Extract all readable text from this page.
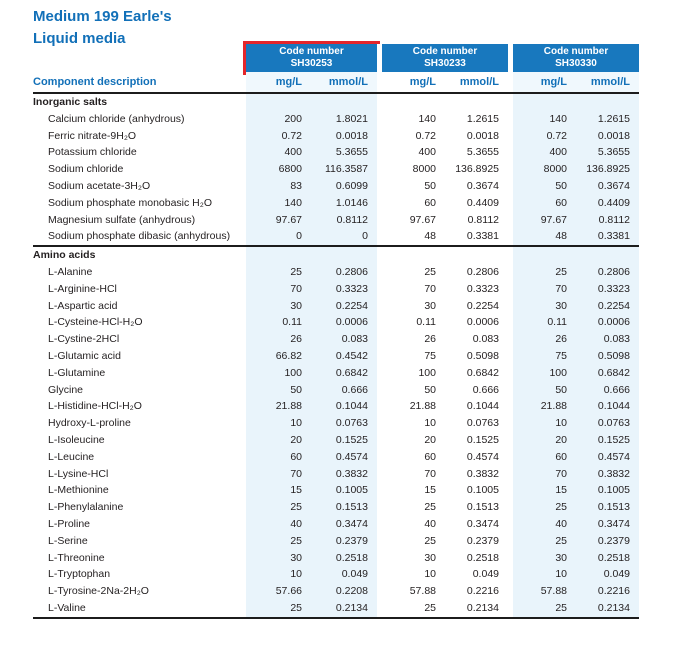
Medium 199 Earle's
Liquid media
Code number
SH30253
Code number
SH30233
Code number
SH30330
Component description	mg/L	mmol/L	mg/L	mmol/L	mg/L	mmol/L
Inorganic salts
Calcium chloride (anhydrous)	200	1.8021	140	1.2615	140	1.2615
Ferric nitrate-9H₂O	0.72	0.0018	0.72	0.0018	0.72	0.0018
Potassium chloride	400	5.3655	400	5.3655	400	5.3655
Sodium chloride	6800	116.3587	8000	136.8925	8000	136.8925
Sodium acetate-3H₂O	83	0.6099	50	0.3674	50	0.3674
Sodium phosphate monobasic H₂O	140	1.0146	60	0.4409	60	0.4409
Magnesium sulfate (anhydrous)	97.67	0.8112	97.67	0.8112	97.67	0.8112
Sodium phosphate dibasic (anhydrous)	0	0	48	0.3381	48	0.3381
Amino acids
L-Alanine	25	0.2806	25	0.2806	25	0.2806
L-Arginine-HCl	70	0.3323	70	0.3323	70	0.3323
L-Aspartic acid	30	0.2254	30	0.2254	30	0.2254
L-Cysteine-HCl-H₂O	0.11	0.0006	0.11	0.0006	0.11	0.0006
L-Cystine-2HCl	26	0.083	26	0.083	26	0.083
L-Glutamic acid	66.82	0.4542	75	0.5098	75	0.5098
L-Glutamine	100	0.6842	100	0.6842	100	0.6842
Glycine	50	0.666	50	0.666	50	0.666
L-Histidine-HCl-H₂O	21.88	0.1044	21.88	0.1044	21.88	0.1044
Hydroxy-L-proline	10	0.0763	10	0.0763	10	0.0763
L-Isoleucine	20	0.1525	20	0.1525	20	0.1525
L-Leucine	60	0.4574	60	0.4574	60	0.4574
L-Lysine-HCl	70	0.3832	70	0.3832	70	0.3832
L-Methionine	15	0.1005	15	0.1005	15	0.1005
L-Phenylalanine	25	0.1513	25	0.1513	25	0.1513
L-Proline	40	0.3474	40	0.3474	40	0.3474
L-Serine	25	0.2379	25	0.2379	25	0.2379
L-Threonine	30	0.2518	30	0.2518	30	0.2518
L-Tryptophan	10	0.049	10	0.049	10	0.049
L-Tyrosine-2Na-2H₂O	57.66	0.2208	57.88	0.2216	57.88	0.2216
L-Valine	25	0.2134	25	0.2134	25	0.2134
